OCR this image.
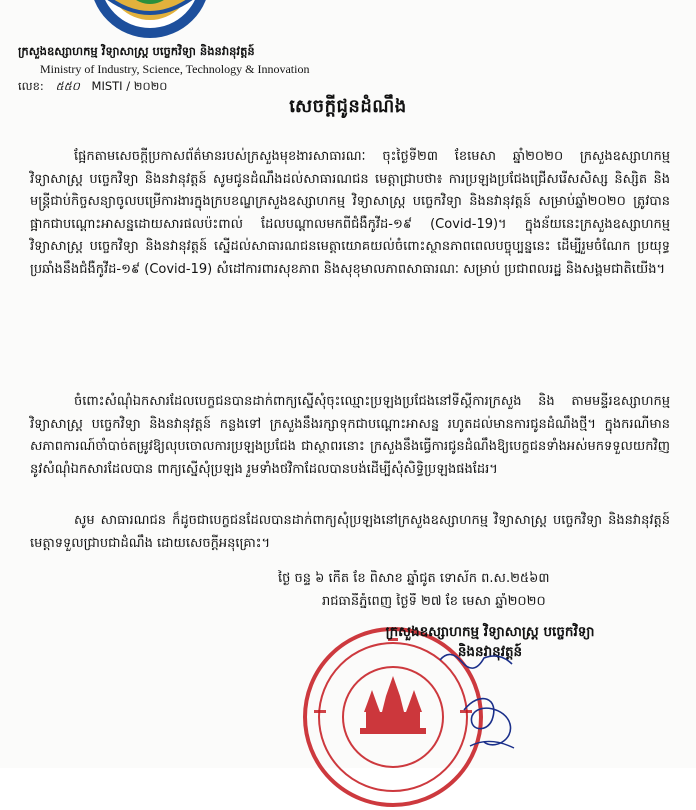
ក្រសួងឧស្សាហកម្ម វិទ្យាសាស្ត្រ បច្ចេកវិទ្យា និងនវានុវត្តន៍
Ministry of Industry, Science, Technology & Innovation
លេខ: ៥៥០ MISTI / ២០២០
សេចក្តីជូនដំណឹង
ផ្អែកតាមសេចក្តីប្រកាសព័ត៌មានរបស់ក្រសួងមុខងារសាធារណៈ ចុះថ្ងៃទី២៣ ខែមេសា ឆ្នាំ២០២០ ក្រសួងឧស្សាហកម្ម វិទ្យាសាស្ត្រ បច្ចេកវិទ្យា និងនវានុវត្តន៍ សូមជូនដំណឹងដល់សាធារណជន មេត្តាជ្រាបថា៖ ការប្រឡងប្រជែងជ្រើសរើសសិស្ស និស្សិត និងមន្ត្រីជាប់កិច្ចសន្យាចូលបម្រើការងារក្នុងក្របខណ្ឌក្រសួងឧស្សាហកម្ម វិទ្យាសាស្ត្រ បច្ចេកវិទ្យា និងនវានុវត្តន៍ សម្រាប់ឆ្នាំ២០២០ ត្រូវបានផ្អាកជាបណ្តោះអាសន្នដោយសារផលប៉ះពាល់ ដែលបណ្តាលមកពីជំងឺកូវីដ-១៩ (Covid-19)។ ក្នុងន័យនេះក្រសួងឧស្សាហកម្ម វិទ្យាសាស្ត្រ បច្ចេកវិទ្យា និងនវានុវត្តន៍ ស្នើដល់សាធារណជនមេត្តាយោគយល់ចំពោះស្ថានភាពពេលបច្ចុប្បន្ននេះ ដើម្បីរួមចំណែក ប្រយុទ្ធប្រឆាំងនឹងជំងឺកូវីដ-១៩ (Covid-19) សំដៅការពារសុខភាព និងសុខុមាលភាពសាធារណៈ សម្រាប់ ប្រជាពលរដ្ឋ និងសង្គមជាតិយើង។
ចំពោះសំណុំឯកសារដែលបេក្ខជនបានដាក់ពាក្យស្នើសុំចុះឈ្មោះប្រឡងប្រជែងនៅទីស្តីការក្រសួង និង តាមមន្ទីរឧស្សាហកម្ម វិទ្យាសាស្ត្រ បច្ចេកវិទ្យា និងនវានុវត្តន៍ កន្លងទៅ ក្រសួងនឹងរក្សាទុកជាបណ្តោះអាសន្ន រហូតដល់មានការជូនដំណឹងថ្មី។ ក្នុងករណីមានសភាពការណ៍ចាំបាច់តម្រូវឱ្យលុបចោលការប្រឡងប្រជែង ជាស្ថាពរនោះ ក្រសួងនឹងធ្វើការជូនដំណឹងឱ្យបេក្ខជនទាំងអស់មកទទួលយកវិញនូវសំណុំឯកសារដែលបាន ពាក្យស្នើសុំប្រឡង រួមទាំងថវិកាដែលបានបង់ដើម្បីសុំសិទ្ធិប្រឡងផងដែរ។
សូម សាធារណជន ក៏ដូចជាបេក្ខជនដែលបានដាក់ពាក្យសុំប្រឡងនៅក្រសួងឧស្សាហកម្ម វិទ្យាសាស្ត្រ បច្ចេកវិទ្យា និងនវានុវត្តន៍ មេត្តាទទួលជ្រាបជាដំណឹង ដោយសេចក្តីអនុគ្រោះ។
ថ្ងៃ ចន្ទ ៦ កើត ខែ ពិសាខ ឆ្នាំជូត ទោស័ក ព.ស.២៥៦៣
រាជធានីភ្នំពេញ ថ្ងៃទី ២៧ ខែ មេសា ឆ្នាំ២០២០
ក្រសួងឧស្សាហកម្ម វិទ្យាសាស្ត្រ បច្ចេកវិទ្យា
និងនវានុវត្តន៍
